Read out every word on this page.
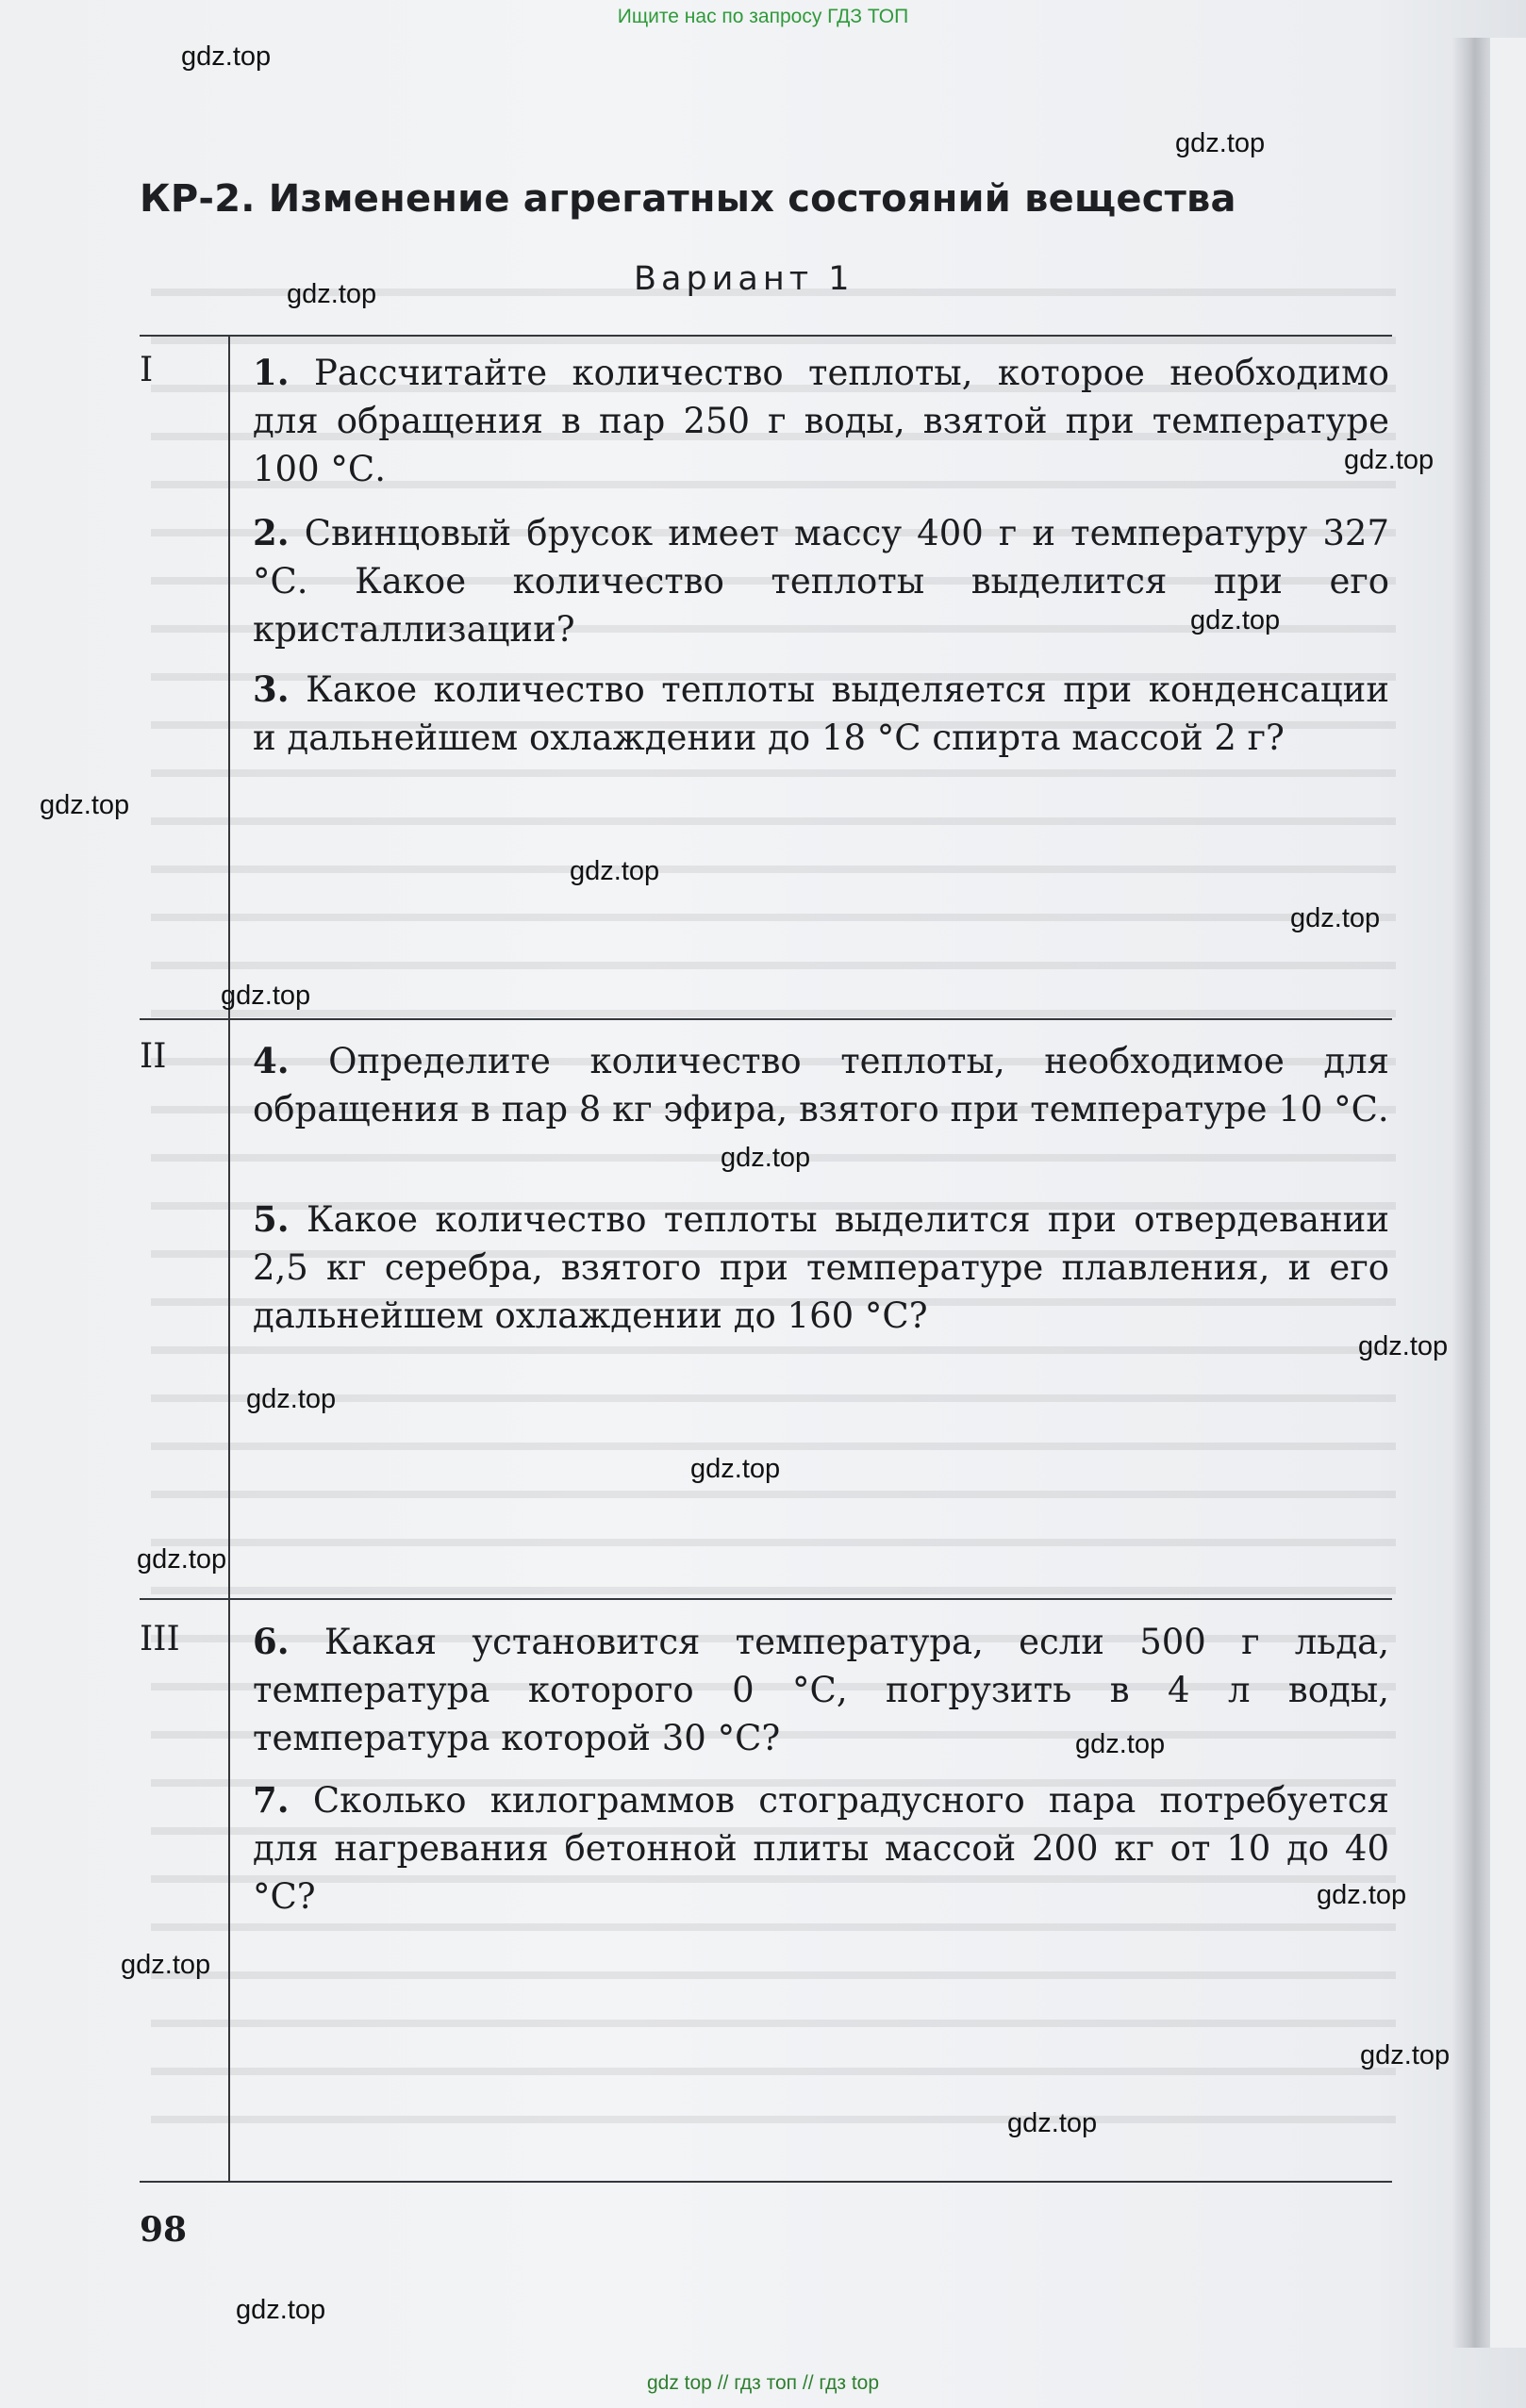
Ищите нас по запросу ГДЗ ТОП
КР-2. Изменение агрегатных состояний вещества
Вариант 1
I	1. Рассчитайте количество теплоты, которое необходимо для обращения в пар 250 г воды, взятой при температуре 100 °С.
2. Свинцовый брусок имеет массу 400 г и температуру 327 °С. Какое количество теплоты выделится при его кристаллизации?
3. Какое количество теплоты выделяется при конденсации и дальнейшем охлаждении до 18 °С спирта массой 2 г?
II 4. Определите количество теплоты, необходимое для обращения в пар 8 кг эфира, взятого при температуре 10 °С.
5. Какое количество теплоты выделится при отвердевании 2,5 кг серебра, взятого при температуре плавления, и его дальнейшем охлаждении до 160 °С?
III 6. Какая установится температура, если 500 г льда, температура которого 0 °С, погрузить в 4 л воды, температура которой 30 °С?
7. Сколько килограммов стоградусного пара потребуется для нагревания бетонной плиты массой 200 кг от 10 до 40 °С?
98
gdz.top
gdz.top
gdz.top
gdz.top
gdz.top
gdz.top
gdz.top
gdz.top
gdz.top
gdz.top
gdz.top
gdz.top
gdz.top
gdz.top
gdz.top
gdz.top
gdz.top
gdz.top
gdz.top
gdz.top
gdz top // гдз топ // гдз top
